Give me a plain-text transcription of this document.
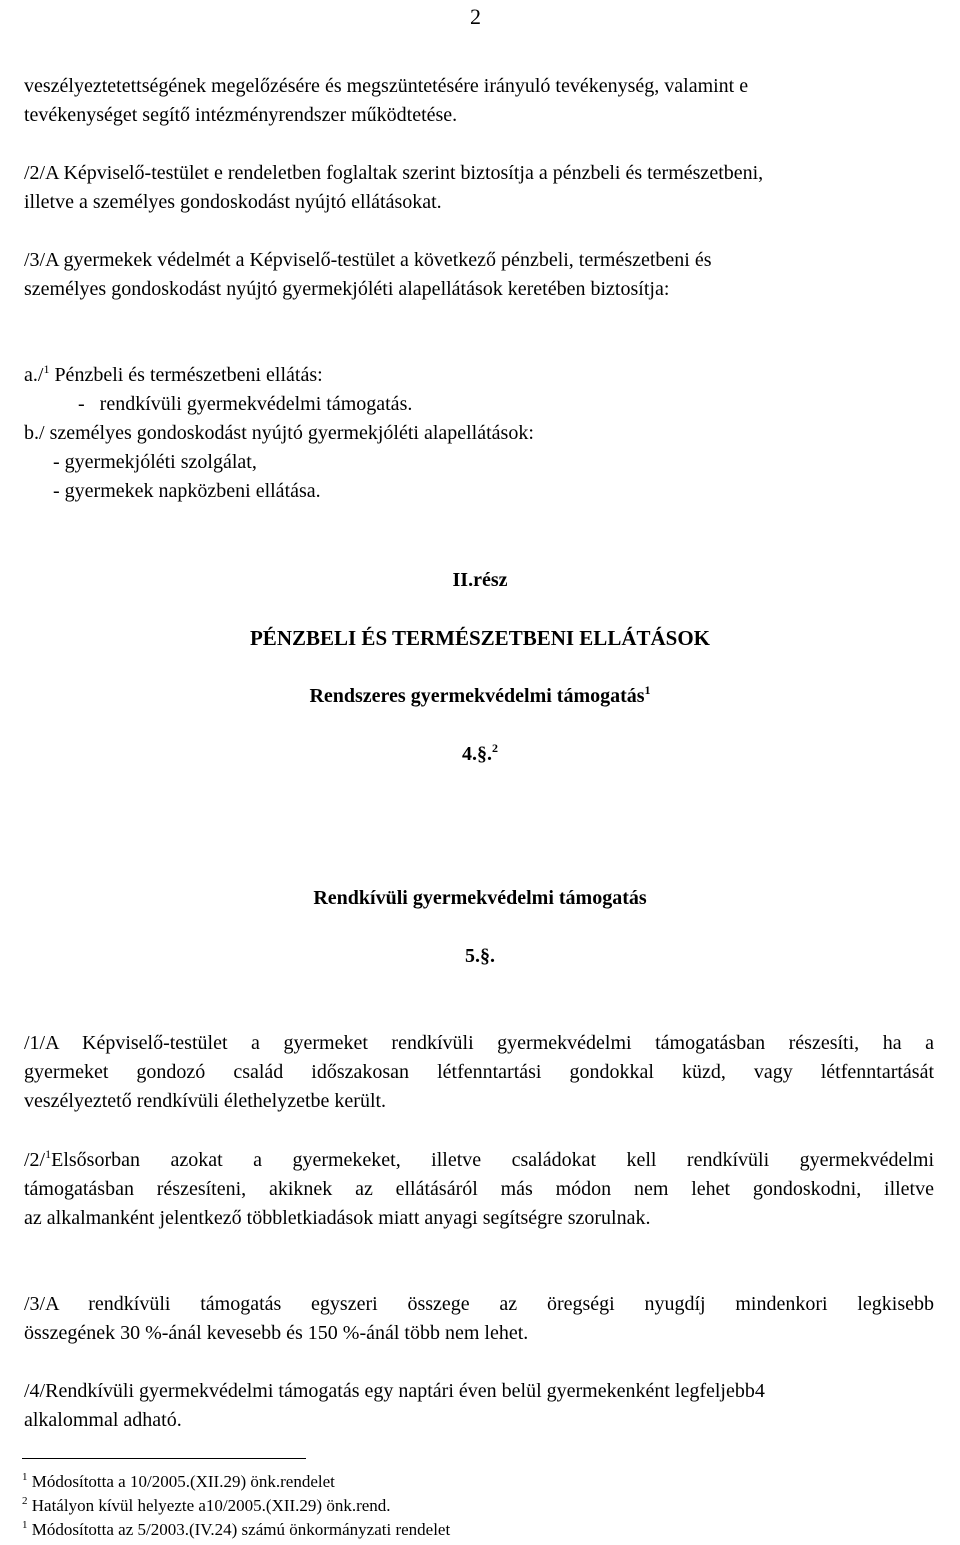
2
veszélyeztetettségének megelőzésére és megszüntetésére irányuló tevékenység, valamint e
tevékenységet segítő intézményrendszer működtetése.
/2/A Képviselő-testület e rendeletben foglaltak szerint biztosítja a pénzbeli és természetbeni,
illetve a személyes gondoskodást nyújtó ellátásokat.
/3/A gyermekek védelmét a Képviselő-testület a következő pénzbeli, természetbeni és
személyes gondoskodást nyújtó gyermekjóléti alapellátások keretében biztosítja:
a./$^1$ Pénzbeli és természetbeni ellátás:
-   rendkívüli gyermekvédelmi támogatás.
b./ személyes gondoskodást nyújtó gyermekjóléti alapellátások:
- gyermekjóléti szolgálat,
- gyermekek napközbeni ellátása.
II.rész
PÉNZBELI ÉS TERMÉSZETBENI ELLÁTÁSOK
Rendszeres gyermekvédelmi támogatás$^1$
4.§.$^2$
Rendkívüli gyermekvédelmi támogatás
5.§.
/1/A Képviselő-testület a gyermeket rendkívüli gyermekvédelmi támogatásban részesíti, ha a
gyermeket gondozó család időszakosan létfenntartási gondokkal küzd, vagy létfenntartását
veszélyeztető rendkívüli élethelyzetbe került.
/2/$^1$Elsősorban azokat a gyermekeket, illetve családokat kell rendkívüli gyermekvédelmi
támogatásban részesíteni, akiknek az ellátásáról más módon nem lehet gondoskodni, illetve
az alkalmanként jelentkező többletkiadások miatt anyagi segítségre szorulnak.
/3/A rendkívüli támogatás egyszeri összege az öregségi nyugdíj mindenkori legkisebb
összegének 30 %-ánál kevesebb és 150 %-ánál több nem lehet.
/4/Rendkívüli gyermekvédelmi támogatás egy naptári éven belül gyermekenként legfeljebb4
alkalommal adható.
$^1$ Módosította a 10/2005.(XII.29) önk.rendelet
$^2$ Hatályon kívül helyezte a10/2005.(XII.29) önk.rend.
$^1$ Módosította az 5/2003.(IV.24) számú önkormányzati rendelet
